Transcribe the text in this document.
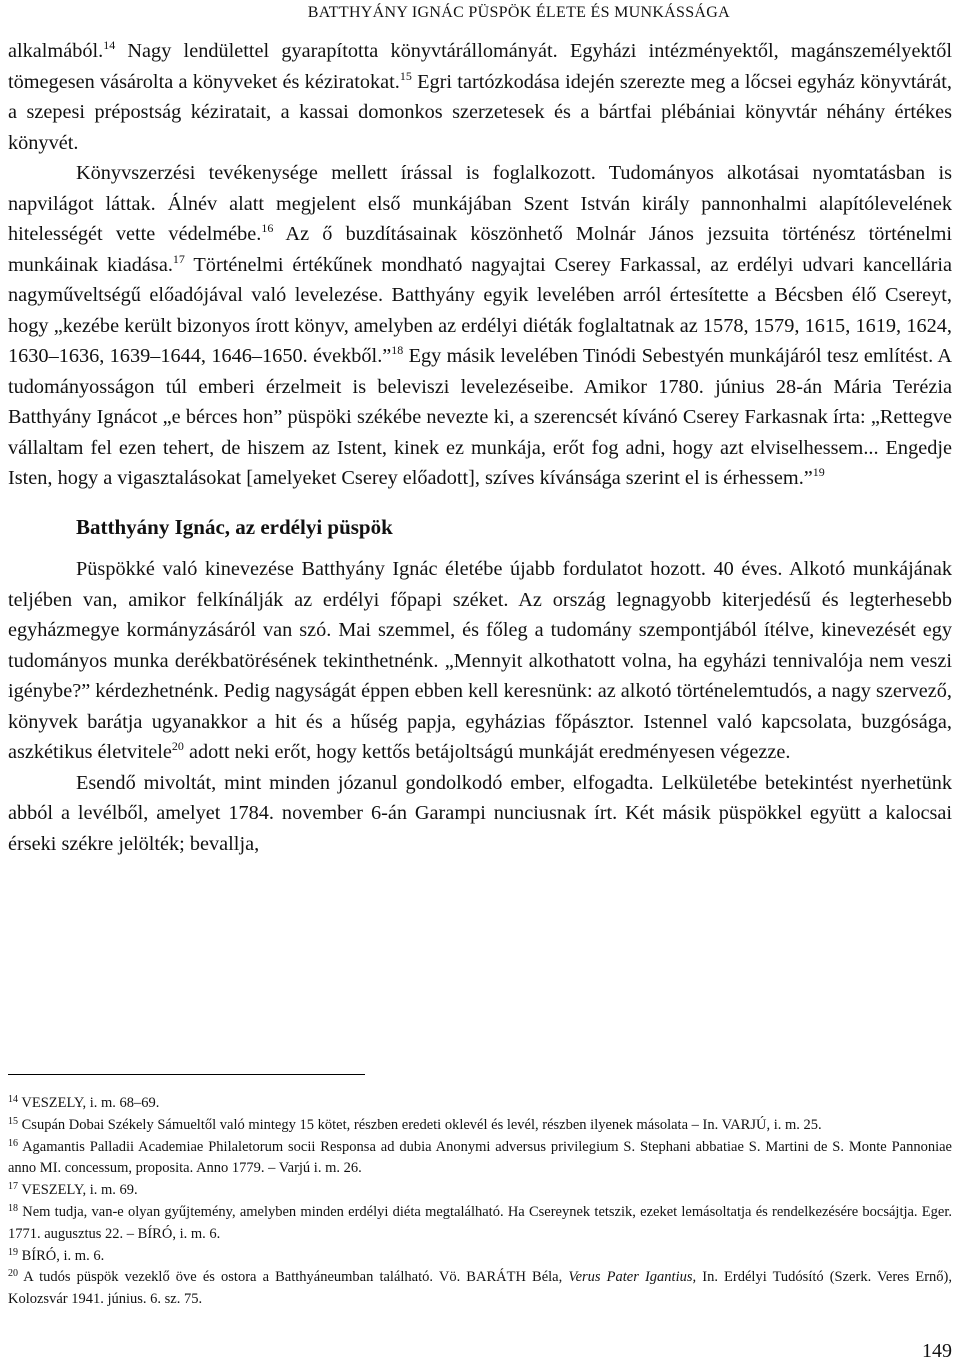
BATTHYÁNY IGNÁC PÜSPÖK ÉLETE ÉS MUNKÁSSÁGA

alkalmából.$^{14}$ Nagy lendülettel gyarapította könyvtárállományát. Egyházi intézményektől, magánszemélyektől tömegesen vásárolta a könyveket és kéziratokat.$^{15}$ Egri tartózkodása idején szerezte meg a lőcsei egyház könyvtárát, a szepesi prépostság kéziratait, a kassai domonkos szerzetesek és a bártfai plébániai könyvtár néhány értékes könyvét.

Könyvszerzési tevékenysége mellett írással is foglalkozott. Tudományos alkotásai nyomtatásban is napvilágot láttak. Álnév alatt megjelent első munkájában Szent István király pannonhalmi alapítólevelének hitelességét vette védelmébe.$^{16}$ Az ő buzdításainak köszönhető Molnár János jezsuita történész történelmi munkáinak kiadása.$^{17}$ Történelmi értékűnek mondható nagyajtai Cserey Farkassal, az erdélyi udvari kancellária nagyműveltségű előadójával való levelezése. Batthyány egyik levelében arról értesítette a Bécsben élő Csereyt, hogy „kezébe került bizonyos írott könyv, amelyben az erdélyi diéták foglaltatnak az 1578, 1579, 1615, 1619, 1624, 1630–1636, 1639–1644, 1646–1650. évekből.”$^{18}$ Egy másik levelében Tinódi Sebestyén munkájáról tesz említést. A tudományosságon túl emberi érzelmeit is beleviszi levelezéseibe. Amikor 1780. június 28-án Mária Terézia Batthyány Ignácot „e bérces hon” püspöki székébe nevezte ki, a szerencsét kívánó Cserey Farkasnak írta: „Rettegve vállaltam fel ezen tehert, de hiszem az Istent, kinek ez munkája, erőt fog adni, hogy azt elviselhessem... Engedje Isten, hogy a vigasztalásokat [amelyeket Cserey előadott], szíves kívánsága szerint el is érhessem.”$^{19}$

Batthyány Ignác, az erdélyi püspök

Püspökké való kinevezése Batthyány Ignác életébe újabb fordulatot hozott. 40 éves. Alkotó munkájának teljében van, amikor felkínálják az erdélyi főpapi széket. Az ország legnagyobb kiterjedésű és legterhesebb egyházmegye kormányzásáról van szó. Mai szemmel, és főleg a tudomány szempontjából ítélve, kinevezését egy tudományos munka derékbatörésének tekinthetnénk. „Mennyit alkothatott volna, ha egyházi tennivalója nem veszi igénybe?” kérdezhetnénk. Pedig nagyságát éppen ebben kell keresnünk: az alkotó történelemtudós, a nagy szervező, könyvek barátja ugyanakkor a hit és a hűség papja, egyházias főpásztor. Istennel való kapcsolata, buzgósága, aszkétikus életvitele$^{20}$ adott neki erőt, hogy kettős betájoltságú munkáját eredményesen végezze.

Esendő mivoltát, mint minden józanul gondolkodó ember, elfogadta. Lelkületébe betekintést nyerhetünk abból a levélből, amelyet 1784. november 6-án Garampi nunciusnak írt. Két másik püspökkel együtt a kalocsai érseki székre jelölték; bevallja,

$^{14}$ VESZELY, i. m. 68–69.

$^{15}$ Csupán Dobai Székely Sámueltől való mintegy 15 kötet, részben eredeti oklevél és levél, részben ilyenek másolata – In. VARJÚ, i. m. 25.

$^{16}$ Agamantis Palladii Academiae Philaletorum socii Responsa ad dubia Anonymi adversus privilegium S. Stephani abbatiae S. Martini de S. Monte Pannoniae anno MI. concessum, proposita. Anno 1779. – Varjú i. m. 26.

$^{17}$ VESZELY, i. m. 69.

$^{18}$ Nem tudja, van-e olyan gyűjtemény, amelyben minden erdélyi diéta megtalálható. Ha Csereynek tetszik, ezeket lemásoltatja és rendelkezésére bocsájtja. Eger. 1771. augusztus 22. – BÍRÓ, i. m. 6.

$^{19}$ BÍRÓ, i. m. 6.

$^{20}$ A tudós püspök vezeklő öve és ostora a Batthyáneumban található. Vö. BARÁTH Béla, Verus Pater Igantius, In. Erdélyi Tudósító (Szerk. Veres Ernő), Kolozsvár 1941. június. 6. sz. 75.

149
